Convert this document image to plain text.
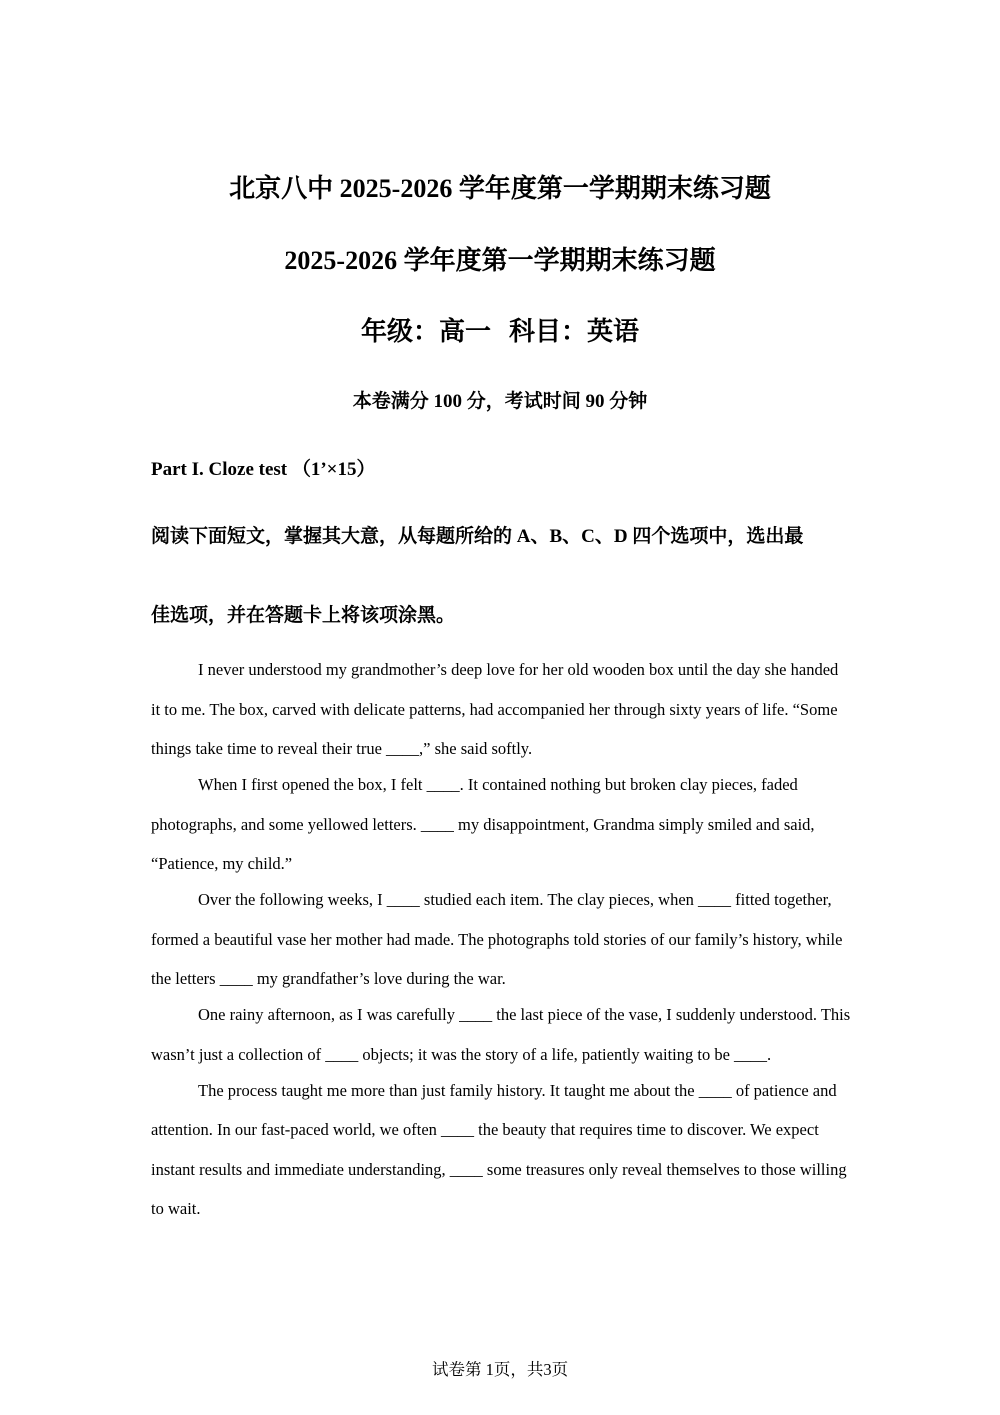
北京八中 2025-2026 学年度第一学期期末练习题
2025-2026 学年度第一学期期末练习题
年级：高一  科目：英语
本卷满分 100 分，考试时间 90 分钟
Part I. Cloze test （1’×15）
阅读下面短文，掌握其大意，从每题所给的 A、B、C、D 四个选项中，选出最
佳选项，并在答题卡上将该项涂黑。

I never understood my grandmother’s deep love for her old wooden box until the day she handed it to me. The box, carved with delicate patterns, had accompanied her through sixty years of life. “Some things take time to reveal their true ____,” she said softly.

When I first opened the box, I felt ____. It contained nothing but broken clay pieces, faded photographs, and some yellowed letters. ____ my disappointment, Grandma simply smiled and said, “Patience, my child.”

Over the following weeks, I ____ studied each item. The clay pieces, when ____ fitted together, formed a beautiful vase her mother had made. The photographs told stories of our family’s history, while the letters ____ my grandfather’s love during the war.

One rainy afternoon, as I was carefully ____ the last piece of the vase, I suddenly understood. This wasn’t just a collection of ____ objects; it was the story of a life, patiently waiting to be ____.

The process taught me more than just family history. It taught me about the ____ of patience and attention. In our fast-paced world, we often ____ the beauty that requires time to discover. We expect instant results and immediate understanding, ____ some treasures only reveal themselves to those willing to wait.

试卷第 1页，共3页
